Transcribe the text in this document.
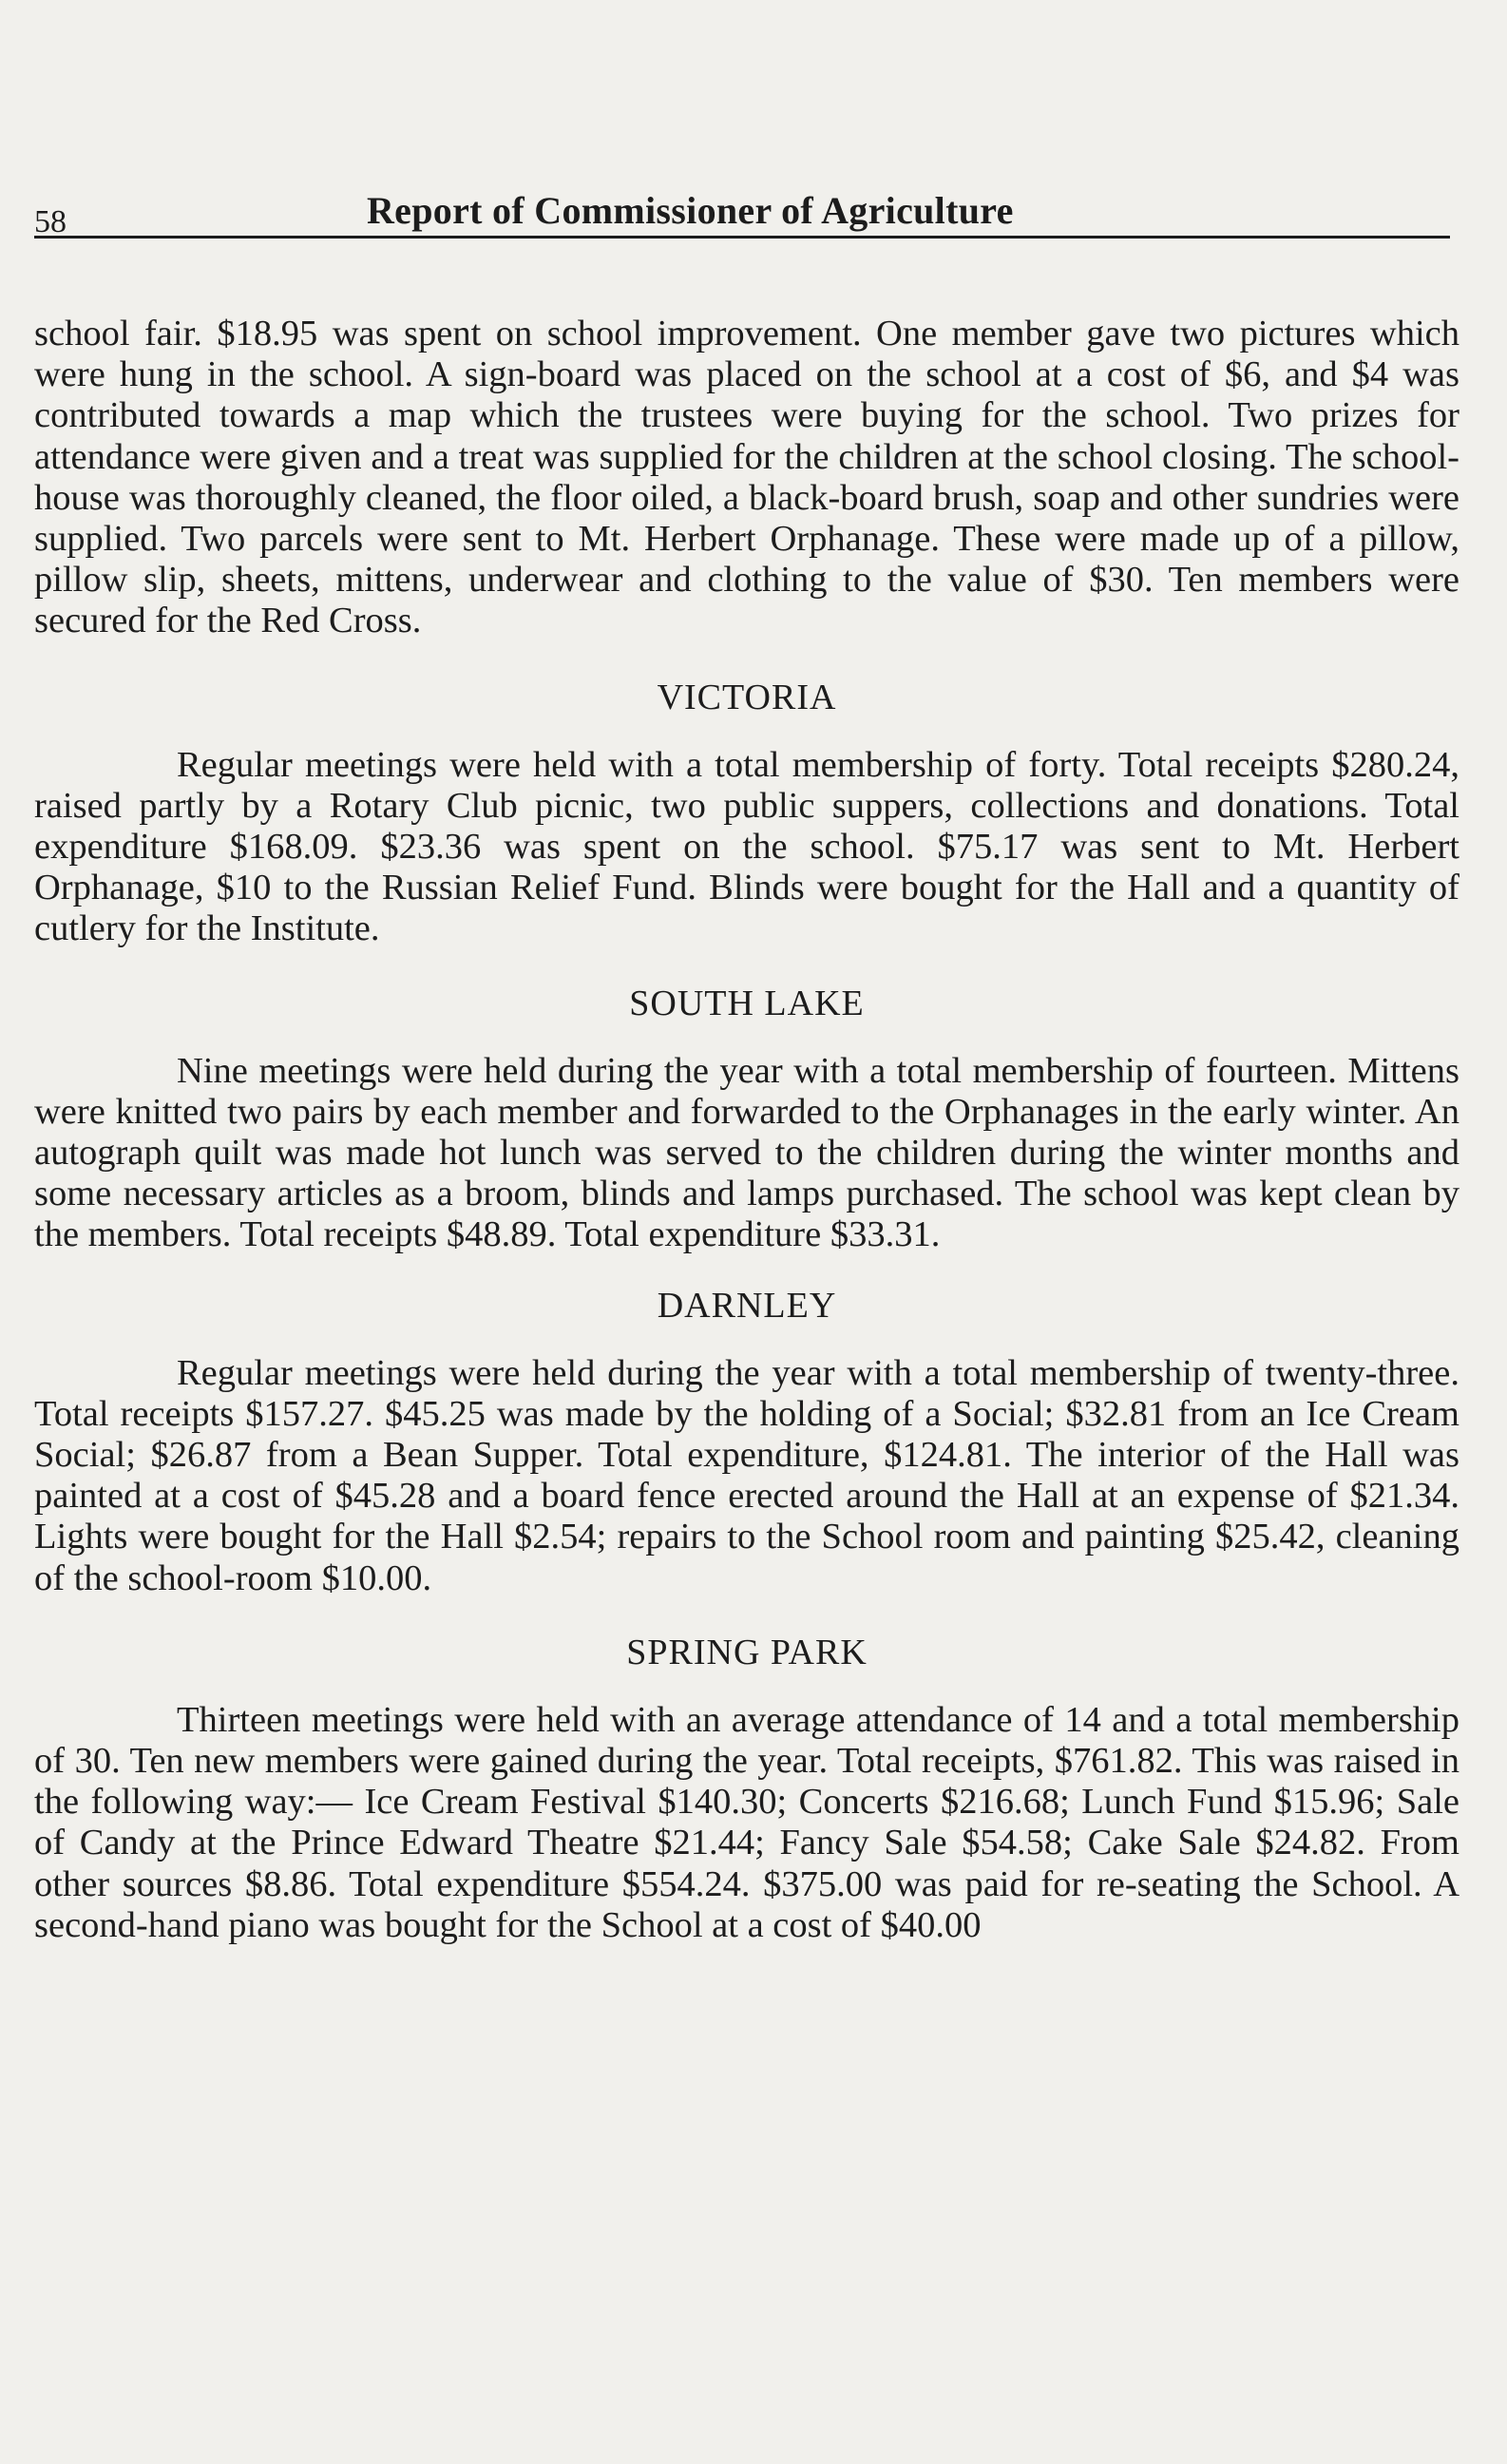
58	Report of Commissioner of Agriculture

school fair. $18.95 was spent on school improvement. One member gave two pictures which were hung in the school. A sign-board was placed on the school at a cost of $6, and $4 was contributed towards a map which the trustees were buying for the school. Two prizes for attendance were given and a treat was supplied for the children at the school closing. The school-house was thoroughly cleaned, the floor oiled, a black-board brush, soap and other sundries were supplied. Two parcels were sent to Mt. Herbert Orphanage. These were made up of a pillow, pillow slip, sheets, mittens, underwear and clothing to the value of $30. Ten members were secured for the Red Cross.

VICTORIA

Regular meetings were held with a total membership of forty. Total receipts $280.24, raised partly by a Rotary Club picnic, two public suppers, collections and donations. Total expenditure $168.09. $23.36 was spent on the school. $75.17 was sent to Mt. Herbert Orphanage, $10 to the Russian Relief Fund. Blinds were bought for the Hall and a quantity of cutlery for the Institute.

SOUTH LAKE

Nine meetings were held during the year with a total membership of fourteen. Mittens were knitted two pairs by each member and forwarded to the Orphanages in the early winter. An autograph quilt was made hot lunch was served to the children during the winter months and some necessary articles as a broom, blinds and lamps purchased. The school was kept clean by the members. Total receipts $48.89. Total expenditure $33.31.

DARNLEY

Regular meetings were held during the year with a total membership of twenty-three. Total receipts $157.27. $45.25 was made by the holding of a Social; $32.81 from an Ice Cream Social; $26.87 from a Bean Supper. Total expenditure, $124.81. The interior of the Hall was painted at a cost of $45.28 and a board fence erected around the Hall at an expense of $21.34. Lights were bought for the Hall $2.54; repairs to the School room and painting $25.42, cleaning of the school-room $10.00.

SPRING PARK

Thirteen meetings were held with an average attendance of 14 and a total membership of 30. Ten new members were gained during the year. Total receipts, $761.82. This was raised in the following way:— Ice Cream Festival $140.30; Concerts $216.68; Lunch Fund $15.96; Sale of Candy at the Prince Edward Theatre $21.44; Fancy Sale $54.58; Cake Sale $24.82. From other sources $8.86. Total expenditure $554.24. $375.00 was paid for re-seating the School. A second-hand piano was bought for the School at a cost of $40.00
